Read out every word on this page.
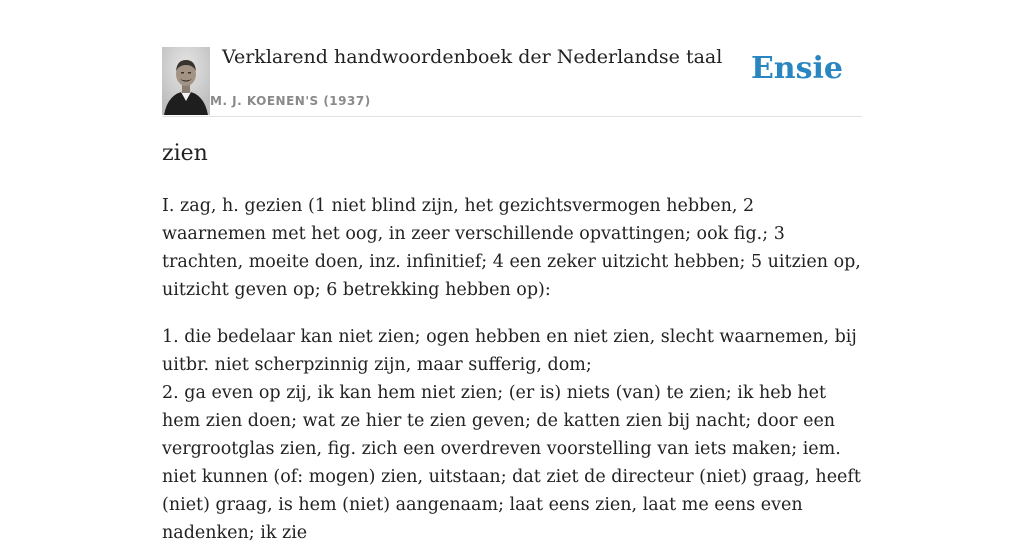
Verklarend handwoordenboek der Nederlandse taal
M. J. KOENEN'S (1937)
Ensie
zien

I. zag, h. gezien (1 niet blind zijn, het gezichtsvermogen hebben, 2 waarnemen met het oog, in zeer verschillende opvattingen; ook fig.; 3 trachten, moeite doen, inz. infinitief; 4 een zeker uitzicht hebben; 5 uitzien op, uitzicht geven op; 6 betrekking hebben op):

1. die bedelaar kan niet zien; ogen hebben en niet zien, slecht waarnemen, bij uitbr. niet scherpzinnig zijn, maar sufferig, dom;
2. ga even op zij, ik kan hem niet zien; (er is) niets (van) te zien; ik heb het hem zien doen; wat ze hier te zien geven; de katten zien bij nacht; door een vergrootglas zien, fig. zich een overdreven voorstelling van iets maken; iem. niet kunnen (of: mogen) zien, uitstaan; dat ziet de directeur (niet) graag, heeft (niet) graag, is hem (niet) aangenaam; laat eens zien, laat me eens even nadenken; ik zie
